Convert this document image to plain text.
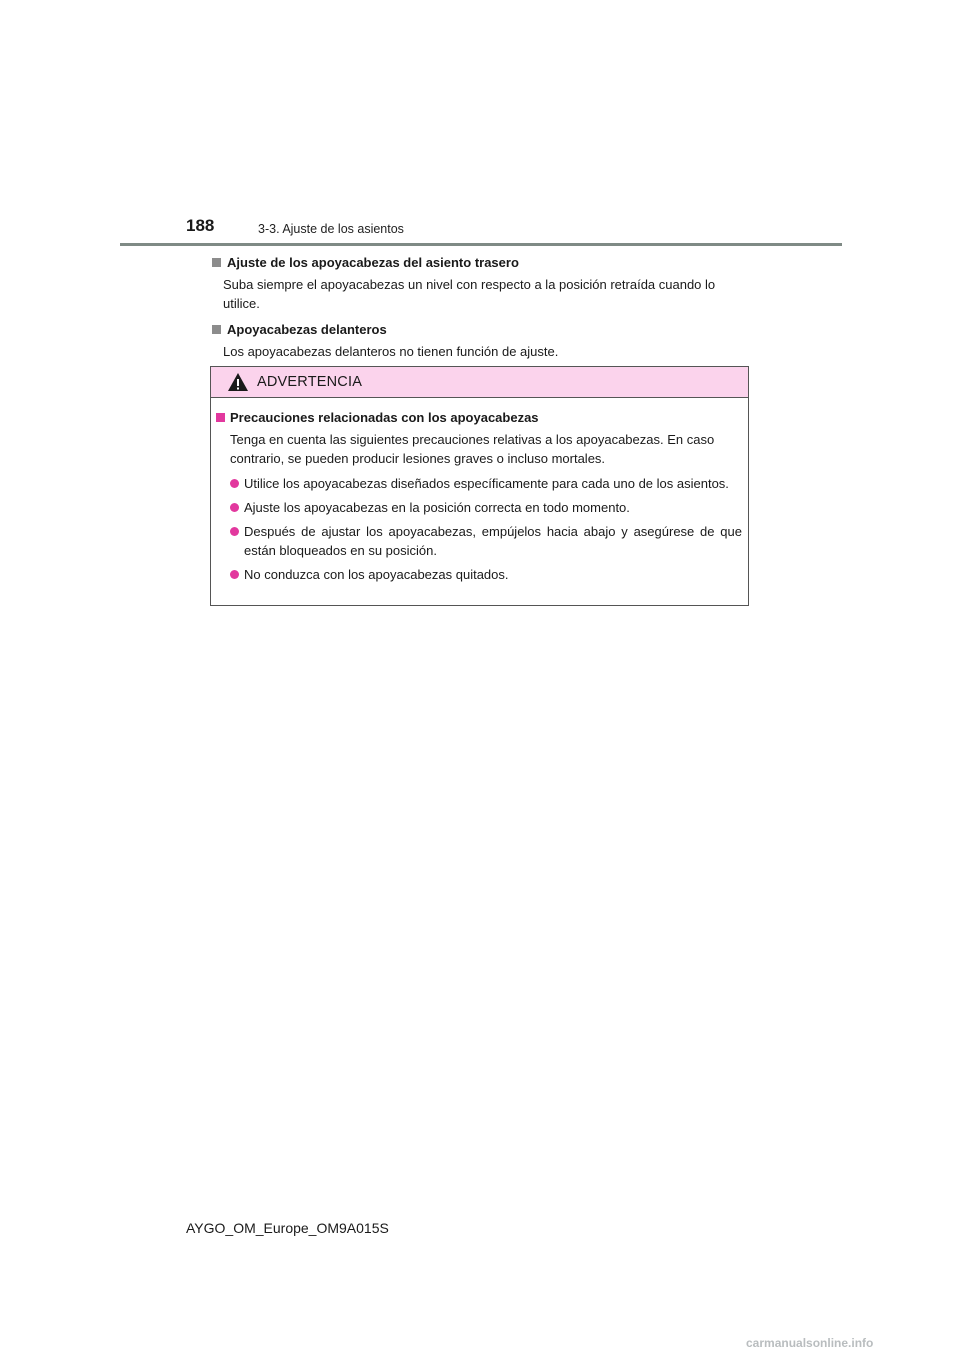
188	3-3. Ajuste de los asientos
Ajuste de los apoyacabezas del asiento trasero
Suba siempre el apoyacabezas un nivel con respecto a la posición retraída cuando lo utilice.
Apoyacabezas delanteros
Los apoyacabezas delanteros no tienen función de ajuste.
ADVERTENCIA
Precauciones relacionadas con los apoyacabezas
Tenga en cuenta las siguientes precauciones relativas a los apoyacabezas. En caso contrario, se pueden producir lesiones graves o incluso mortales.
Utilice los apoyacabezas diseñados específicamente para cada uno de los asientos.
Ajuste los apoyacabezas en la posición correcta en todo momento.
Después de ajustar los apoyacabezas, empújelos hacia abajo y asegúrese de que están bloqueados en su posición.
No conduzca con los apoyacabezas quitados.
AYGO_OM_Europe_OM9A015S
carmanualsonline.info
